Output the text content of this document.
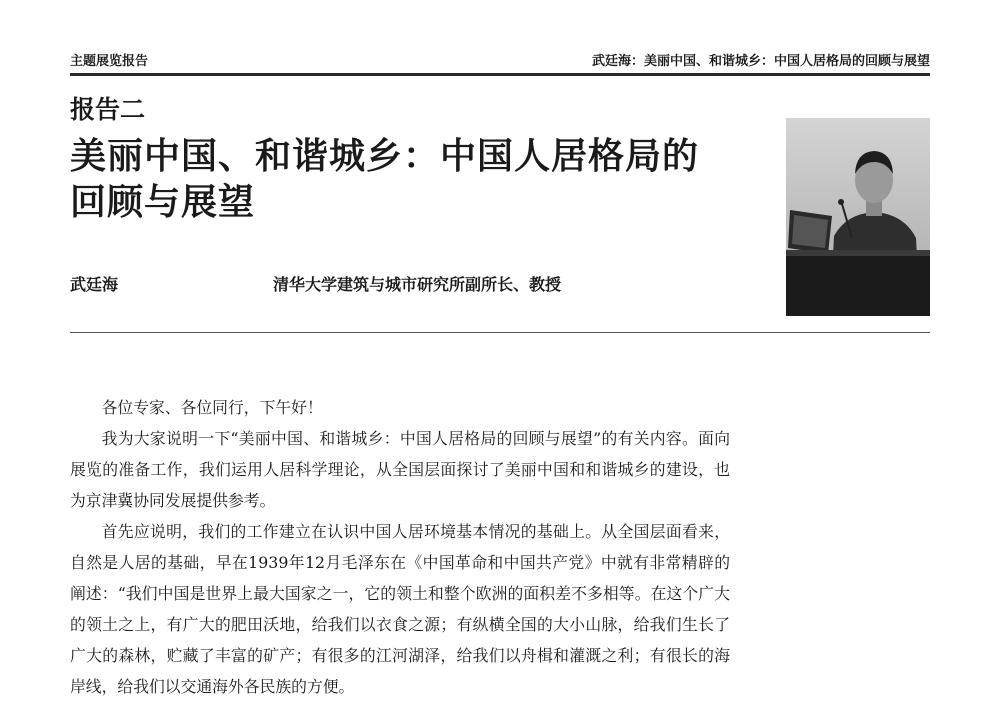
主题展览报告	武廷海：美丽中国、和谐城乡：中国人居格局的回顾与展望
报告二
美丽中国、和谐城乡：中国人居格局的回顾与展望
武廷海	清华大学建筑与城市研究所副所长、教授

各位专家、各位同行，下午好！

我为大家说明一下“美丽中国、和谐城乡：中国人居格局的回顾与展望”的有关内容。面向展览的准备工作，我们运用人居科学理论，从全国层面探讨了美丽中国和和谐城乡的建设，也为京津冀协同发展提供参考。

首先应说明，我们的工作建立在认识中国人居环境基本情况的基础上。从全国层面看来，自然是人居的基础，早在1939年12月毛泽东在《中国革命和中国共产党》中就有非常精辟的阐述：“我们中国是世界上最大国家之一，它的领土和整个欧洲的面积差不多相等。在这个广大的领土之上，有广大的肥田沃地，给我们以衣食之源；有纵横全国的大小山脉，给我们生长了广大的森林，贮藏了丰富的矿产；有很多的江河湖泽，给我们以舟楫和灌溉之利；有很长的海岸线，给我们以交通海外各民族的方便。
